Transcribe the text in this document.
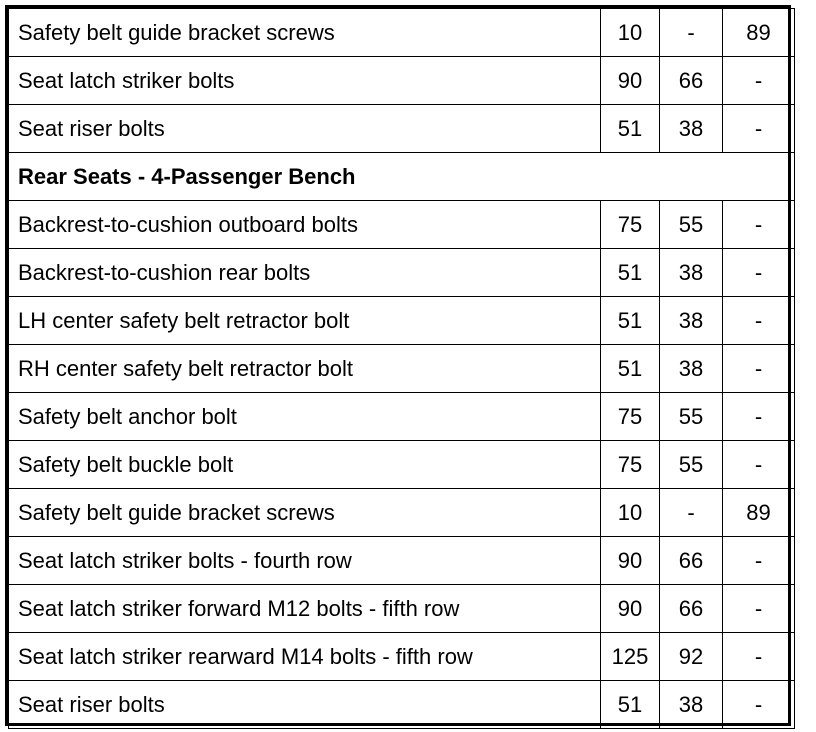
Safety belt guide bracket screws	10	-	89
Seat latch striker bolts	90	66	-
Seat riser bolts	51	38	-
Rear Seats - 4-Passenger Bench			
Backrest-to-cushion outboard bolts	75	55	-
Backrest-to-cushion rear bolts	51	38	-
LH center safety belt retractor bolt	51	38	-
RH center safety belt retractor bolt	51	38	-
Safety belt anchor bolt	75	55	-
Safety belt buckle bolt	75	55	-
Safety belt guide bracket screws	10	-	89
Seat latch striker bolts - fourth row	90	66	-
Seat latch striker forward M12 bolts - fifth row	90	66	-
Seat latch striker rearward M14 bolts - fifth row	125	92	-
Seat riser bolts	51	38	-
